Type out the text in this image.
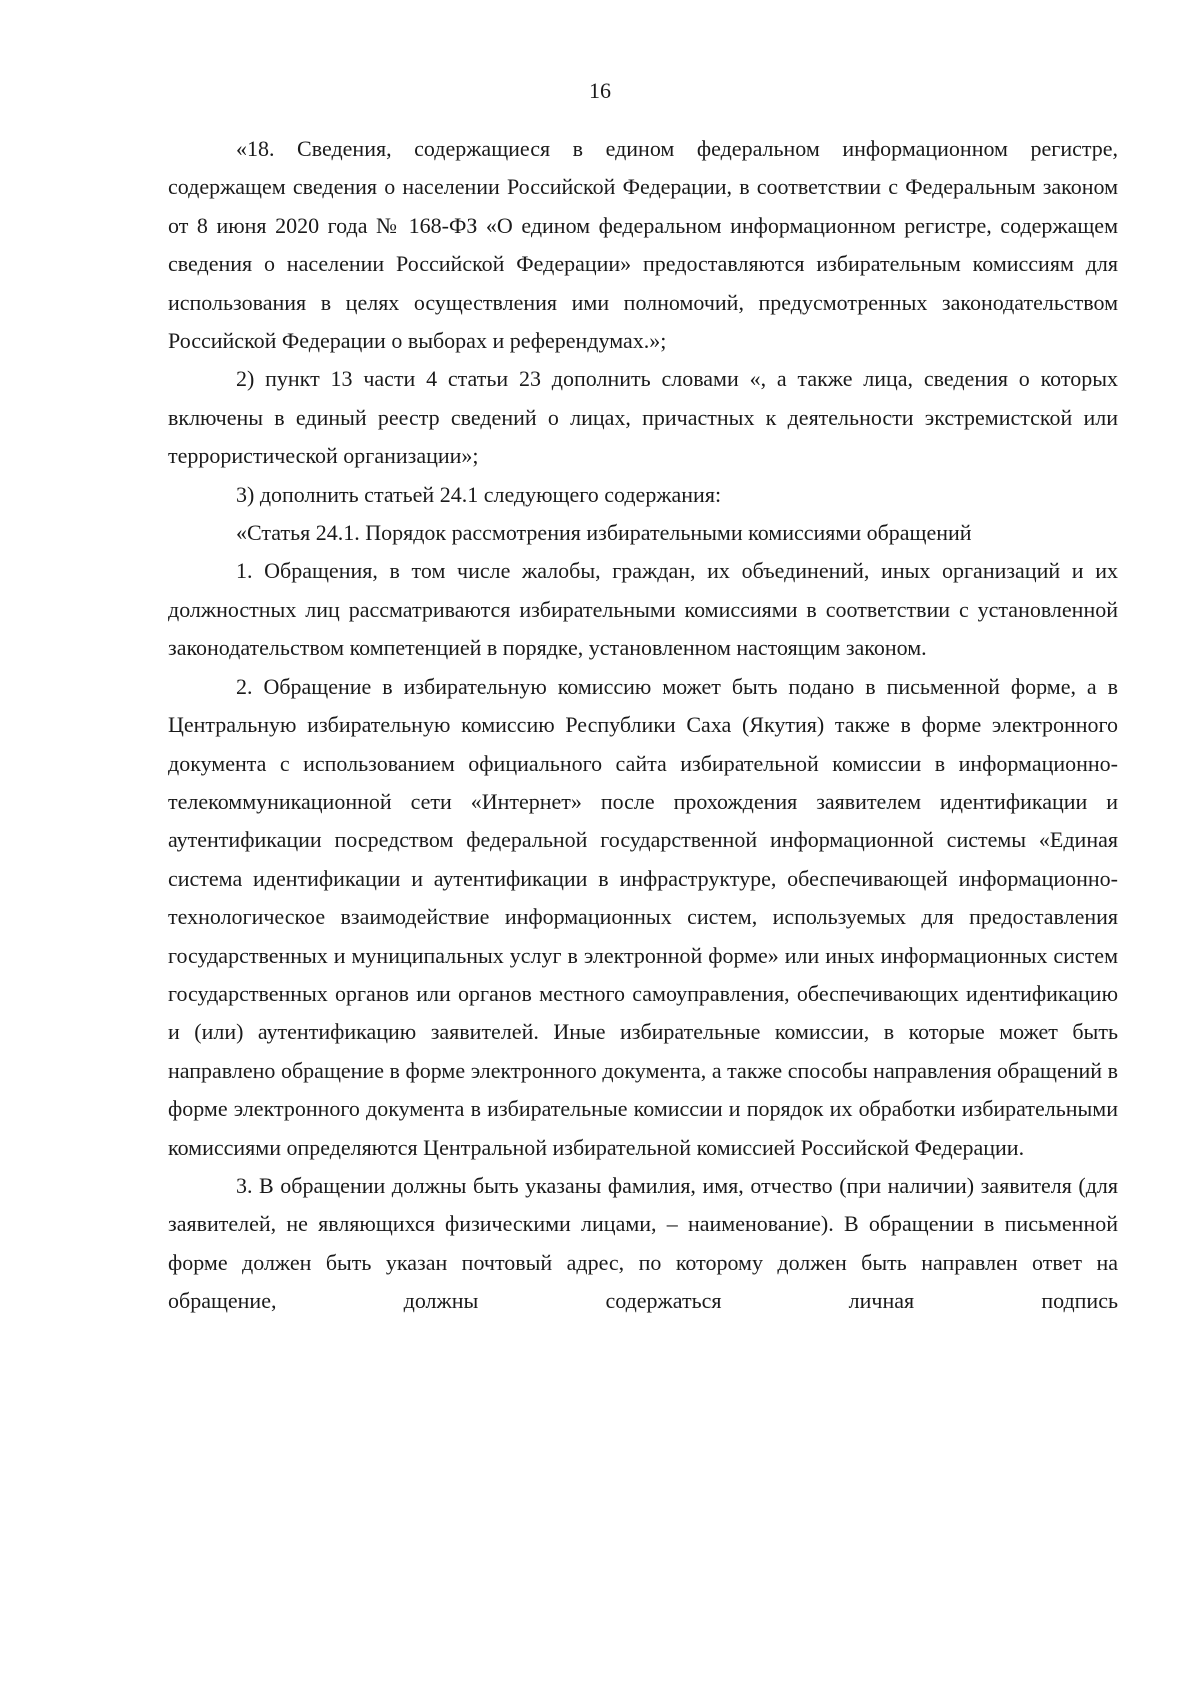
16

«18. Сведения, содержащиеся в едином федеральном информационном регистре, содержащем сведения о населении Российской Федерации, в соответствии с Федеральным законом от 8 июня 2020 года № 168-ФЗ «О едином федеральном информационном регистре, содержащем сведения о населении Российской Федерации» предоставляются избирательным комиссиям для использования в целях осуществления ими полномочий, предусмотренных законодательством Российской Федерации о выборах и референдумах.»;

2) пункт 13 части 4 статьи 23 дополнить словами «, а также лица, сведения о которых включены в единый реестр сведений о лицах, причастных к деятельности экстремистской или террористической организации»;

3) дополнить статьей 24.1 следующего содержания:

«Статья 24.1. Порядок рассмотрения избирательными комиссиями обращений

1. Обращения, в том числе жалобы, граждан, их объединений, иных организаций и их должностных лиц рассматриваются избирательными комиссиями в соответствии с установленной законодательством компетенцией в порядке, установленном настоящим законом.

2. Обращение в избирательную комиссию может быть подано в письменной форме, а в Центральную избирательную комиссию Республики Саха (Якутия) также в форме электронного документа с использованием официального сайта избирательной комиссии в информационно-телекоммуникационной сети «Интернет» после прохождения заявителем идентификации и аутентификации посредством федеральной государственной информационной системы «Единая система идентификации и аутентификации в инфраструктуре, обеспечивающей информационно-технологическое взаимодействие информационных систем, используемых для предоставления государственных и муниципальных услуг в электронной форме» или иных информационных систем государственных органов или органов местного самоуправления, обеспечивающих идентификацию и (или) аутентификацию заявителей. Иные избирательные комиссии, в которые может быть направлено обращение в форме электронного документа, а также способы направления обращений в форме электронного документа в избирательные комиссии и порядок их обработки избирательными комиссиями определяются Центральной избирательной комиссией Российской Федерации.

3. В обращении должны быть указаны фамилия, имя, отчество (при наличии) заявителя (для заявителей, не являющихся физическими лицами, – наименование). В обращении в письменной форме должен быть указан почтовый адрес, по которому должен быть направлен ответ на обращение, должны содержаться личная подпись
